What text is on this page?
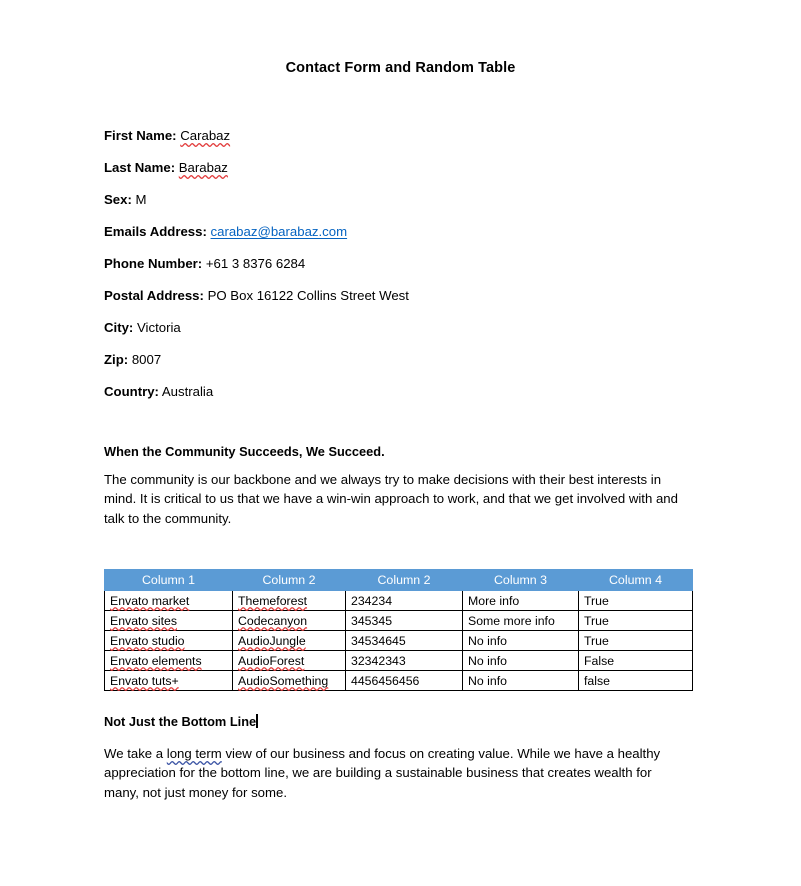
Contact Form and Random Table
First Name: Carabaz
Last Name: Barabaz
Sex: M
Emails Address: carabaz@barabaz.com
Phone Number: +61 3 8376 6284
Postal Address: PO Box 16122 Collins Street West
City: Victoria
Zip: 8007
Country: Australia
When the Community Succeeds, We Succeed.
The community is our backbone and we always try to make decisions with their best interests in mind. It is critical to us that we have a win-win approach to work, and that we get involved with and talk to the community.
Column 1	Column 2	Column 2	Column 3	Column 4
Envato market	Themeforest	234234	More info	True
Envato sites	Codecanyon	345345	Some more info	True
Envato studio	AudioJungle	34534645	No info	True
Envato elements	AudioForest	32342343	No info	False
Envato tuts+	AudioSomething	4456456456	No info	false
Not Just the Bottom Line
We take a long term view of our business and focus on creating value. While we have a healthy appreciation for the bottom line, we are building a sustainable business that creates wealth for many, not just money for some.
